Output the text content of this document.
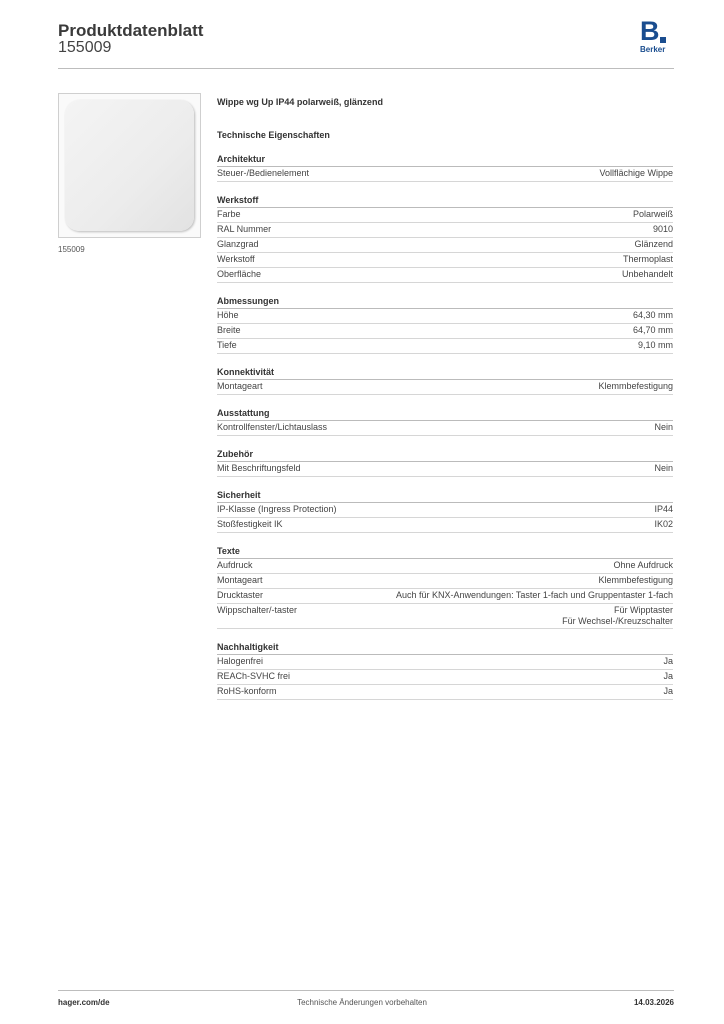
Produktdatenblatt
155009
B
Berker
155009
Wippe wg Up IP44 polarweiß, glänzend
Technische Eigenschaften
Architektur
Steuer-/Bedienelement	Vollflächige Wippe
Werkstoff
Farbe	Polarweiß
RAL Nummer	9010
Glanzgrad	Glänzend
Werkstoff	Thermoplast
Oberfläche	Unbehandelt
Abmessungen
Höhe	64,30 mm
Breite	64,70 mm
Tiefe	9,10 mm
Konnektivität
Montageart	Klemmbefestigung
Ausstattung
Kontrollfenster/Lichtauslass	Nein
Zubehör
Mit Beschriftungsfeld	Nein
Sicherheit
IP-Klasse (Ingress Protection)	IP44
Stoßfestigkeit IK	IK02
Texte
Aufdruck	Ohne Aufdruck
Montageart	Klemmbefestigung
Drucktaster	Auch für KNX-Anwendungen: Taster 1-fach und Gruppentaster 1-fach
Wippschalter/-taster	Für Wipptaster
Für Wechsel-/Kreuzschalter
Nachhaltigkeit
Halogenfrei	Ja
REACh-SVHC frei	Ja
RoHS-konform	Ja
hager.com/de	Technische Änderungen vorbehalten	14.03.2026
